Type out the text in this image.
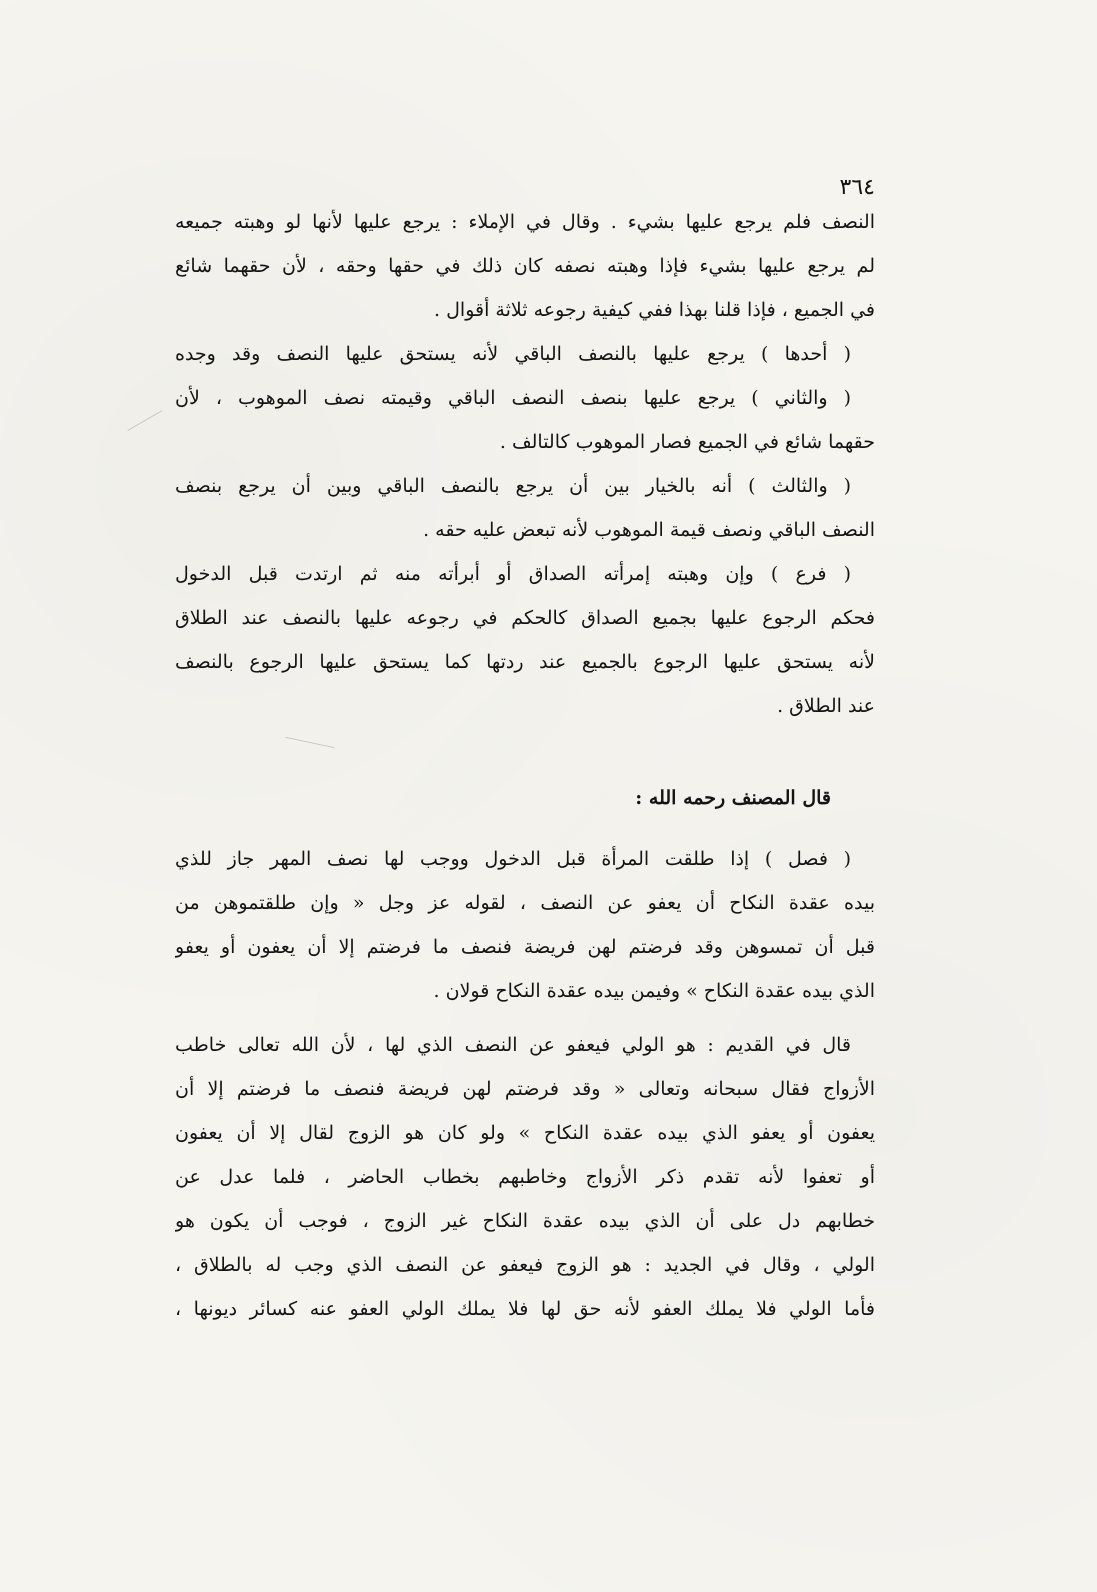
٣٦٤
النصف فلم يرجع عليها بشيء . وقال في الإملاء : يرجع عليها لأنها لو وهبته جميعه
لم يرجع عليها بشيء فإذا وهبته نصفه كان ذلك في حقها وحقه ، لأن حقهما شائع
في الجميع ، فإذا قلنا بهذا ففي كيفية رجوعه ثلاثة أقوال .
( أحدها ) يرجع عليها بالنصف الباقي لأنه يستحق عليها النصف وقد وجده
( والثاني ) يرجع عليها بنصف النصف الباقي وقيمته نصف الموهوب ، لأن
حقهما شائع في الجميع فصار الموهوب كالتالف .
( والثالث ) أنه بالخيار بين أن يرجع بالنصف الباقي وبين أن يرجع بنصف
النصف الباقي ونصف قيمة الموهوب لأنه تبعض عليه حقه .
( فرع ) وإن وهبته إمرأته الصداق أو أبرأته منه ثم ارتدت قبل الدخول
فحكم الرجوع عليها بجميع الصداق كالحكم في رجوعه عليها بالنصف عند الطلاق
لأنه يستحق عليها الرجوع بالجميع عند ردتها كما يستحق عليها الرجوع بالنصف
عند الطلاق .
قال المصنف رحمه الله :
( فصل ) إذا طلقت المرأة قبل الدخول ووجب لها نصف المهر جاز للذي
بيده عقدة النكاح أن يعفو عن النصف ، لقوله عز وجل « وإن طلقتموهن من
قبل أن تمسوهن وقد فرضتم لهن فريضة فنصف ما فرضتم إلا أن يعفون أو يعفو
الذي بيده عقدة النكاح » وفيمن بيده عقدة النكاح قولان .
قال في القديم : هو الولي فيعفو عن النصف الذي لها ، لأن الله تعالى خاطب
الأزواج فقال سبحانه وتعالى « وقد فرضتم لهن فريضة فنصف ما فرضتم إلا أن
يعفون أو يعفو الذي بيده عقدة النكاح » ولو كان هو الزوج لقال إلا أن يعفون
أو تعفوا لأنه تقدم ذكر الأزواج وخاطبهم بخطاب الحاضر ، فلما عدل عن
خطابهم دل على أن الذي بيده عقدة النكاح غير الزوج ، فوجب أن يكون هو
الولي ، وقال في الجديد : هو الزوج فيعفو عن النصف الذي وجب له بالطلاق ،
فأما الولي فلا يملك العفو لأنه حق لها فلا يملك الولي العفو عنه كسائر ديونها ،
